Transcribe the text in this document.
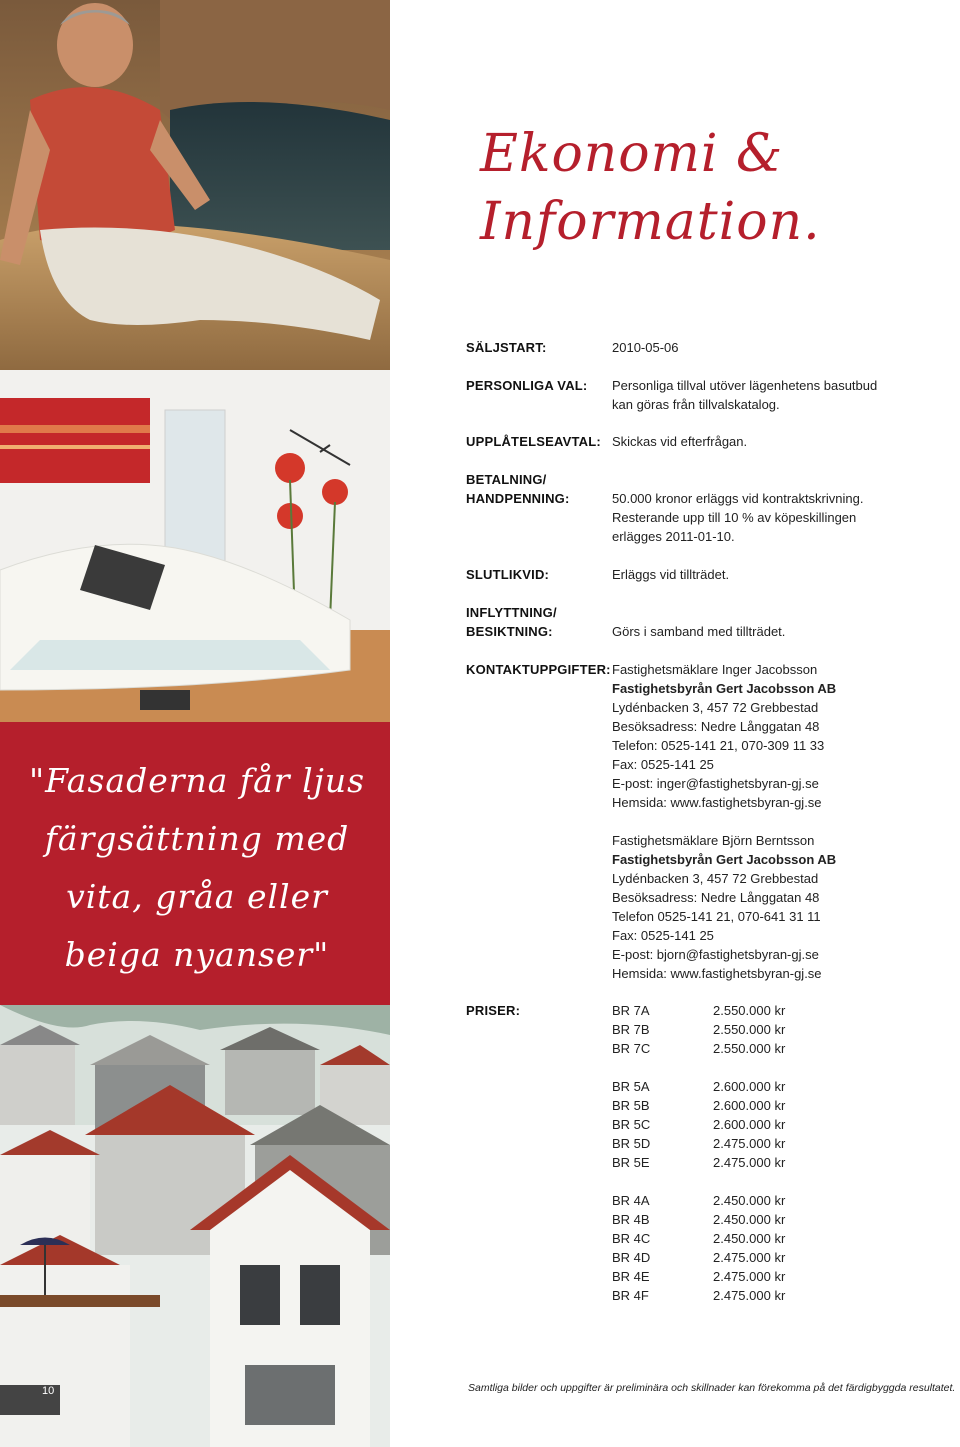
"Fasaderna får ljus färgsättning med vita, gråa eller beiga nyanser"
10
Ekonomi &
Information.
SÄLJSTART:	2010-05-06
PERSONLIGA VAL:	Personliga tillval utöver lägenhetens basutbud
kan göras från tillvalskatalog.
UPPLÅTELSEAVTAL: Skickas vid efterfrågan.
BETALNING/
HANDPENNING:	50.000 kronor erläggs vid kontraktskrivning.
Resterande upp till 10 % av köpeskillingen
erlägges 2011-01-10.
SLUTLIKVID:	Erläggs vid tillträdet.
INFLYTTNING/
BESIKTNING:	Görs i samband med tillträdet.
KONTAKTUPPGIFTER: Fastighetsmäklare Inger Jacobsson
Fastighetsbyrån Gert Jacobsson AB
Lydénbacken 3, 457 72 Grebbestad
Besöksadress: Nedre Långgatan 48
Telefon: 0525-141 21, 070-309 11 33
Fax: 0525-141 25
E-post: inger@fastighetsbyran-gj.se
Hemsida: www.fastighetsbyran-gj.se
Fastighetsmäklare Björn Berntsson
Fastighetsbyrån Gert Jacobsson AB
Lydénbacken 3, 457 72 Grebbestad
Besöksadress: Nedre Långgatan 48
Telefon 0525-141 21, 070-641 31 11
Fax: 0525-141 25
E-post: bjorn@fastighetsbyran-gj.se
Hemsida: www.fastighetsbyran-gj.se
PRISER:	BR 7A	2.550.000 kr
BR 7B	2.550.000 kr
BR 7C	2.550.000 kr
BR 5A	2.600.000 kr
BR 5B	2.600.000 kr
BR 5C	2.600.000 kr
BR 5D	2.475.000 kr
BR 5E	2.475.000 kr
BR 4A	2.450.000 kr
BR 4B	2.450.000 kr
BR 4C	2.450.000 kr
BR 4D	2.475.000 kr
BR 4E	2.475.000 kr
BR 4F	2.475.000 kr
Samtliga bilder och uppgifter är preliminära och skillnader kan förekomma på det färdigbyggda resultatet.
